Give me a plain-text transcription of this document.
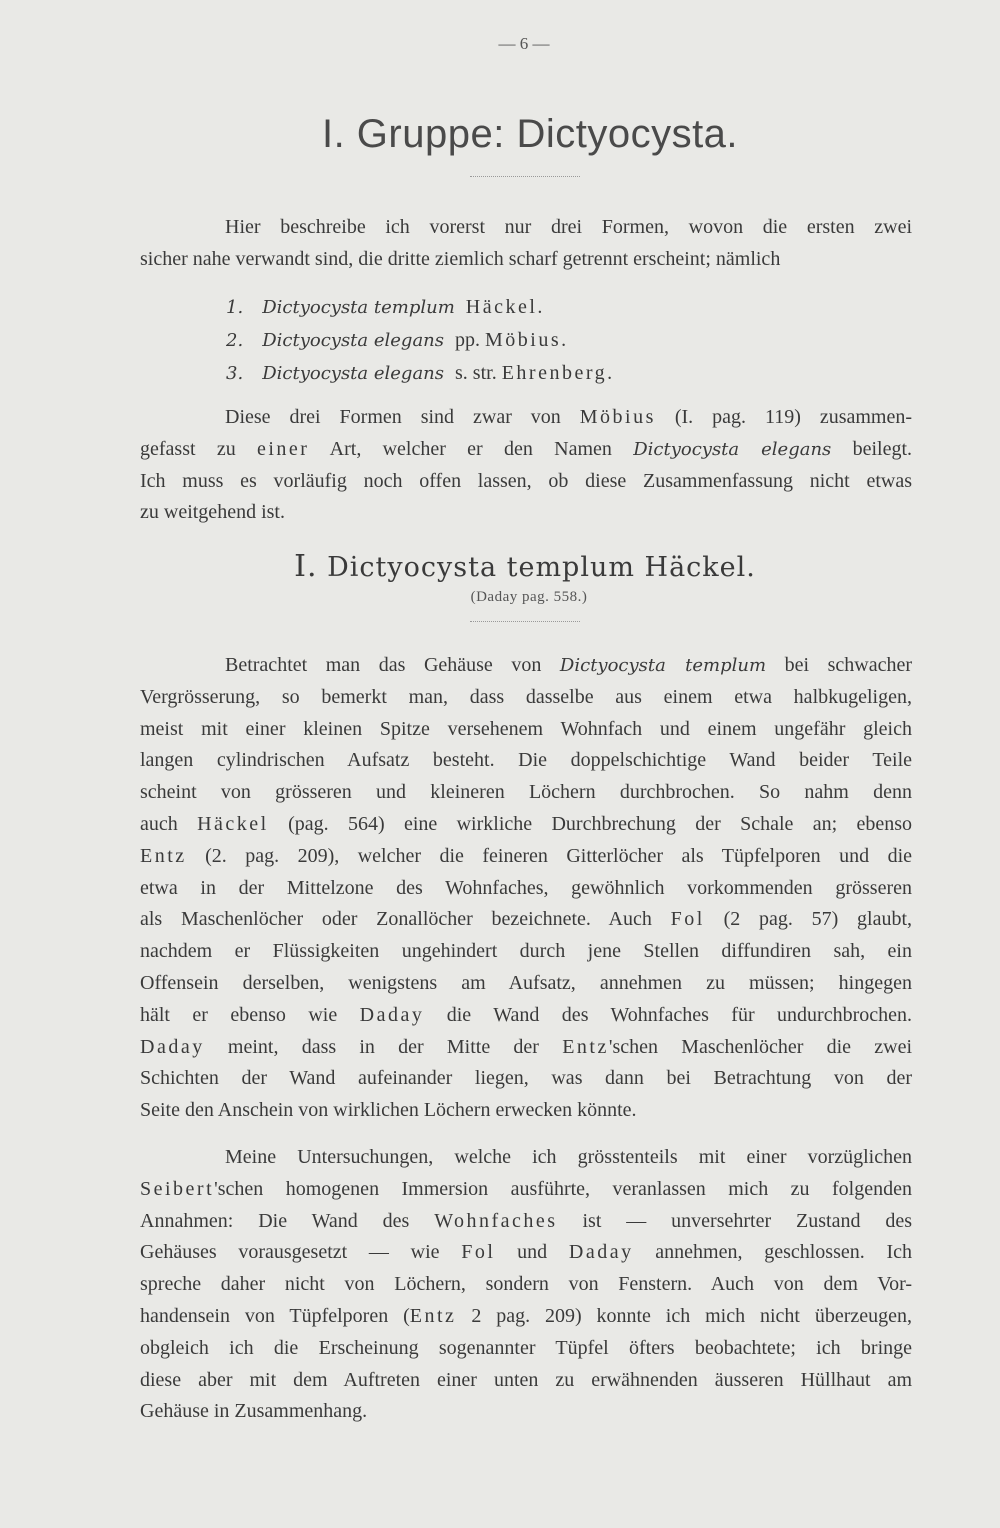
— 6 —
I. Gruppe: Dictyocysta.
Hier beschreibe ich vorerst nur drei Formen, wovon die ersten zwei
sicher nahe verwandt sind, die dritte ziemlich scharf getrennt erscheint; nämlich
1. Dictyocysta templum Häckel.
2. Dictyocysta elegans pp. Möbius.
3. Dictyocysta elegans s. str. Ehrenberg.
Diese drei Formen sind zwar von Möbius (I. pag. 119) zusammen-
gefasst zu einer Art, welcher er den Namen Dictyocysta elegans beilegt.
Ich muss es vorläufig noch offen lassen, ob diese Zusammenfassung nicht etwas
zu weitgehend ist.
I. Dictyocysta templum Häckel.
(Daday pag. 558.)
Betrachtet man das Gehäuse von Dictyocysta templum bei schwacher
Vergrösserung, so bemerkt man, dass dasselbe aus einem etwa halbkugeligen,
meist mit einer kleinen Spitze versehenem Wohnfach und einem ungefähr gleich
langen cylindrischen Aufsatz besteht. Die doppelschichtige Wand beider Teile
scheint von grösseren und kleineren Löchern durchbrochen. So nahm denn
auch Häckel (pag. 564) eine wirkliche Durchbrechung der Schale an; ebenso
Entz (2. pag. 209), welcher die feineren Gitterlöcher als Tüpfelporen und die
etwa in der Mittelzone des Wohnfaches, gewöhnlich vorkommenden grösseren
als Maschenlöcher oder Zonallöcher bezeichnete. Auch Fol (2 pag. 57) glaubt,
nachdem er Flüssigkeiten ungehindert durch jene Stellen diffundiren sah, ein
Offensein derselben, wenigstens am Aufsatz, annehmen zu müssen; hingegen
hält er ebenso wie Daday die Wand des Wohnfaches für undurchbrochen.
Daday meint, dass in der Mitte der Entz'schen Maschenlöcher die zwei
Schichten der Wand aufeinander liegen, was dann bei Betrachtung von der
Seite den Anschein von wirklichen Löchern erwecken könnte.
Meine Untersuchungen, welche ich grösstenteils mit einer vorzüglichen
Seibert'schen homogenen Immersion ausführte, veranlassen mich zu folgenden
Annahmen: Die Wand des Wohnfaches ist — unversehrter Zustand des
Gehäuses vorausgesetzt — wie Fol und Daday annehmen, geschlossen. Ich
spreche daher nicht von Löchern, sondern von Fenstern. Auch von dem Vor-
handensein von Tüpfelporen (Entz 2 pag. 209) konnte ich mich nicht überzeugen,
obgleich ich die Erscheinung sogenannter Tüpfel öfters beobachtete; ich bringe
diese aber mit dem Auftreten einer unten zu erwähnenden äusseren Hüllhaut am
Gehäuse in Zusammenhang.
